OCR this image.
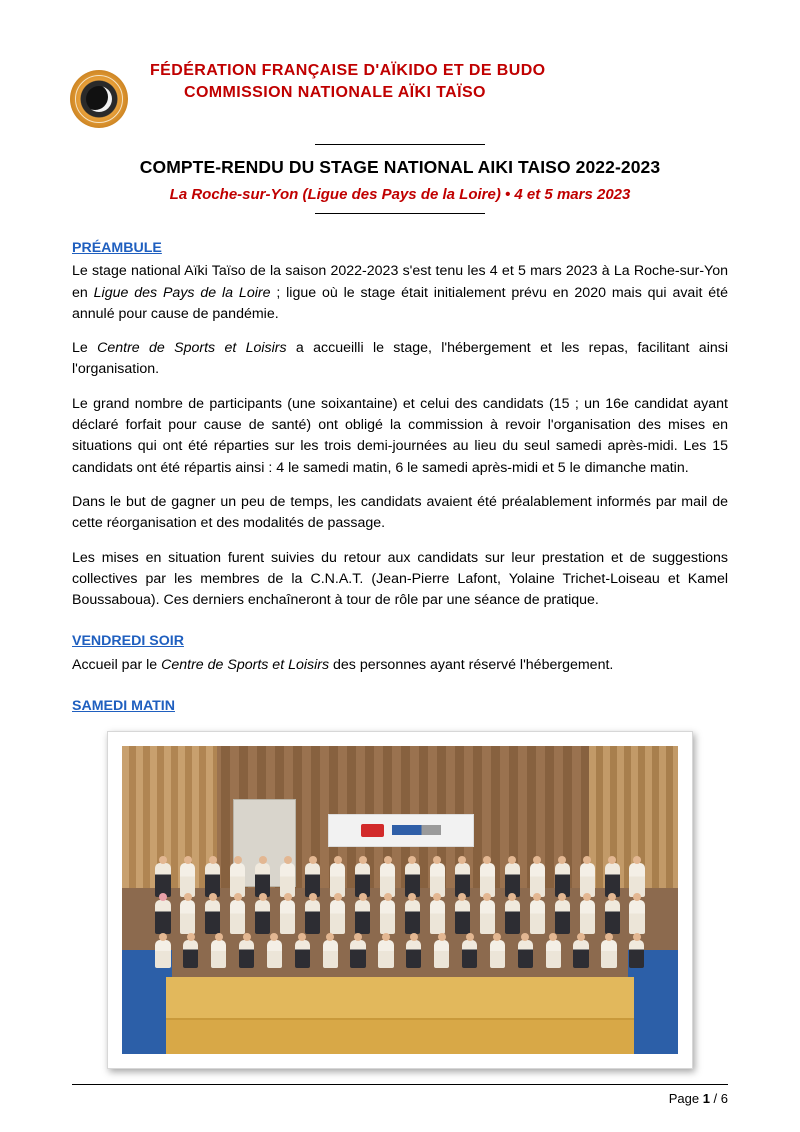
FÉDÉRATION FRANÇAISE D'AÏKIDO ET DE BUDO
COMMISSION NATIONALE AÏKI TAÏSO
COMPTE-RENDU DU STAGE NATIONAL AIKI TAISO 2022-2023
La Roche-sur-Yon (Ligue des Pays de la Loire) • 4 et 5 mars 2023
PRÉAMBULE

Le stage national Aïki Taïso de la saison 2022-2023 s'est tenu les 4 et 5 mars 2023 à La Roche-sur-Yon en Ligue des Pays de la Loire ; ligue où le stage était initialement prévu en 2020 mais qui avait été annulé pour cause de pandémie.

Le Centre de Sports et Loisirs a accueilli le stage, l'hébergement et les repas, facilitant ainsi l'organisation.

Le grand nombre de participants (une soixantaine) et celui des candidats (15 ; un 16e candidat ayant déclaré forfait pour cause de santé) ont obligé la commission à revoir l'organisation des mises en situations qui ont été réparties sur les trois demi-journées au lieu du seul samedi après-midi. Les 15 candidats ont été répartis ainsi : 4 le samedi matin, 6 le samedi après-midi et 5 le dimanche matin.

Dans le but de gagner un peu de temps, les candidats avaient été préalablement informés par mail de cette réorganisation et des modalités de passage.

Les mises en situation furent suivies du retour aux candidats sur leur prestation et de suggestions collectives par les membres de la C.N.A.T. (Jean-Pierre Lafont, Yolaine Trichet-Loiseau et Kamel Boussaboua). Ces derniers enchaîneront à tour de rôle par une séance de pratique.

VENDREDI SOIR

Accueil par le Centre de Sports et Loisirs des personnes ayant réservé l'hébergement.

SAMEDI MATIN
Page 1 / 6
